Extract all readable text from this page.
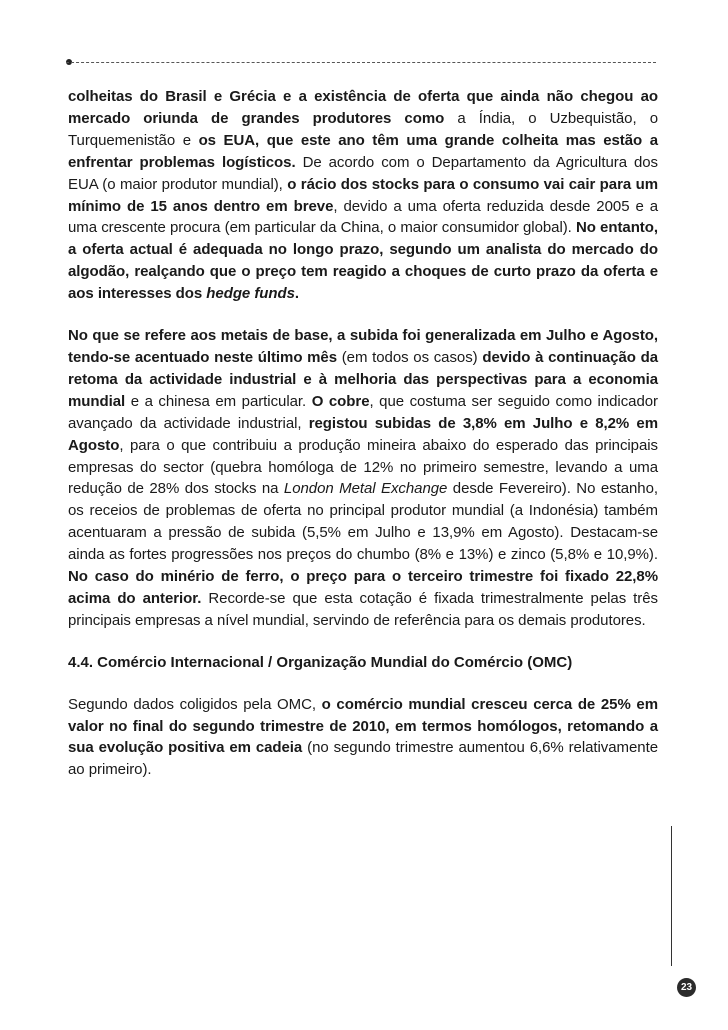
colheitas do Brasil e Grécia e a existência de oferta que ainda não chegou ao mercado oriunda de grandes produtores como a Índia, o Uzbequistão, o Turquemenistão e os EUA, que este ano têm uma grande colheita mas estão a enfrentar problemas logísticos. De acordo com o Departamento da Agricultura dos EUA (o maior produtor mundial), o rácio dos stocks para o consumo vai cair para um mínimo de 15 anos dentro em breve, devido a uma oferta reduzida desde 2005 e a uma crescente procura (em particular da China, o maior consumidor global). No entanto, a oferta actual é adequada no longo prazo, segundo um analista do mercado do algodão, realçando que o preço tem reagido a choques de curto prazo da oferta e aos interesses dos hedge funds.

No que se refere aos metais de base, a subida foi generalizada em Julho e Agosto, tendo-se acentuado neste último mês (em todos os casos) devido à continuação da retoma da actividade industrial e à melhoria das perspectivas para a economia mundial e a chinesa em particular. O cobre, que costuma ser seguido como indicador avançado da actividade industrial, registou subidas de 3,8% em Julho e 8,2% em Agosto, para o que contribuiu a produção mineira abaixo do esperado das principais empresas do sector (quebra homóloga de 12% no primeiro semestre, levando a uma redução de 28% dos stocks na London Metal Exchange desde Fevereiro). No estanho, os receios de problemas de oferta no principal produtor mundial (a Indonésia) também acentuaram a pressão de subida (5,5% em Julho e 13,9% em Agosto). Destacam-se ainda as fortes progressões nos preços do chumbo (8% e 13%) e zinco (5,8% e 10,9%). No caso do minério de ferro, o preço para o terceiro trimestre foi fixado 22,8% acima do anterior. Recorde-se que esta cotação é fixada trimestralmente pelas três principais empresas a nível mundial, servindo de referência para os demais produtores.

4.4. Comércio Internacional / Organização Mundial do Comércio (OMC)

Segundo dados coligidos pela OMC, o comércio mundial cresceu cerca de 25% em valor no final do segundo trimestre de 2010, em termos homólogos, retomando a sua evolução positiva em cadeia (no segundo trimestre aumentou 6,6% relativamente ao primeiro).

23
